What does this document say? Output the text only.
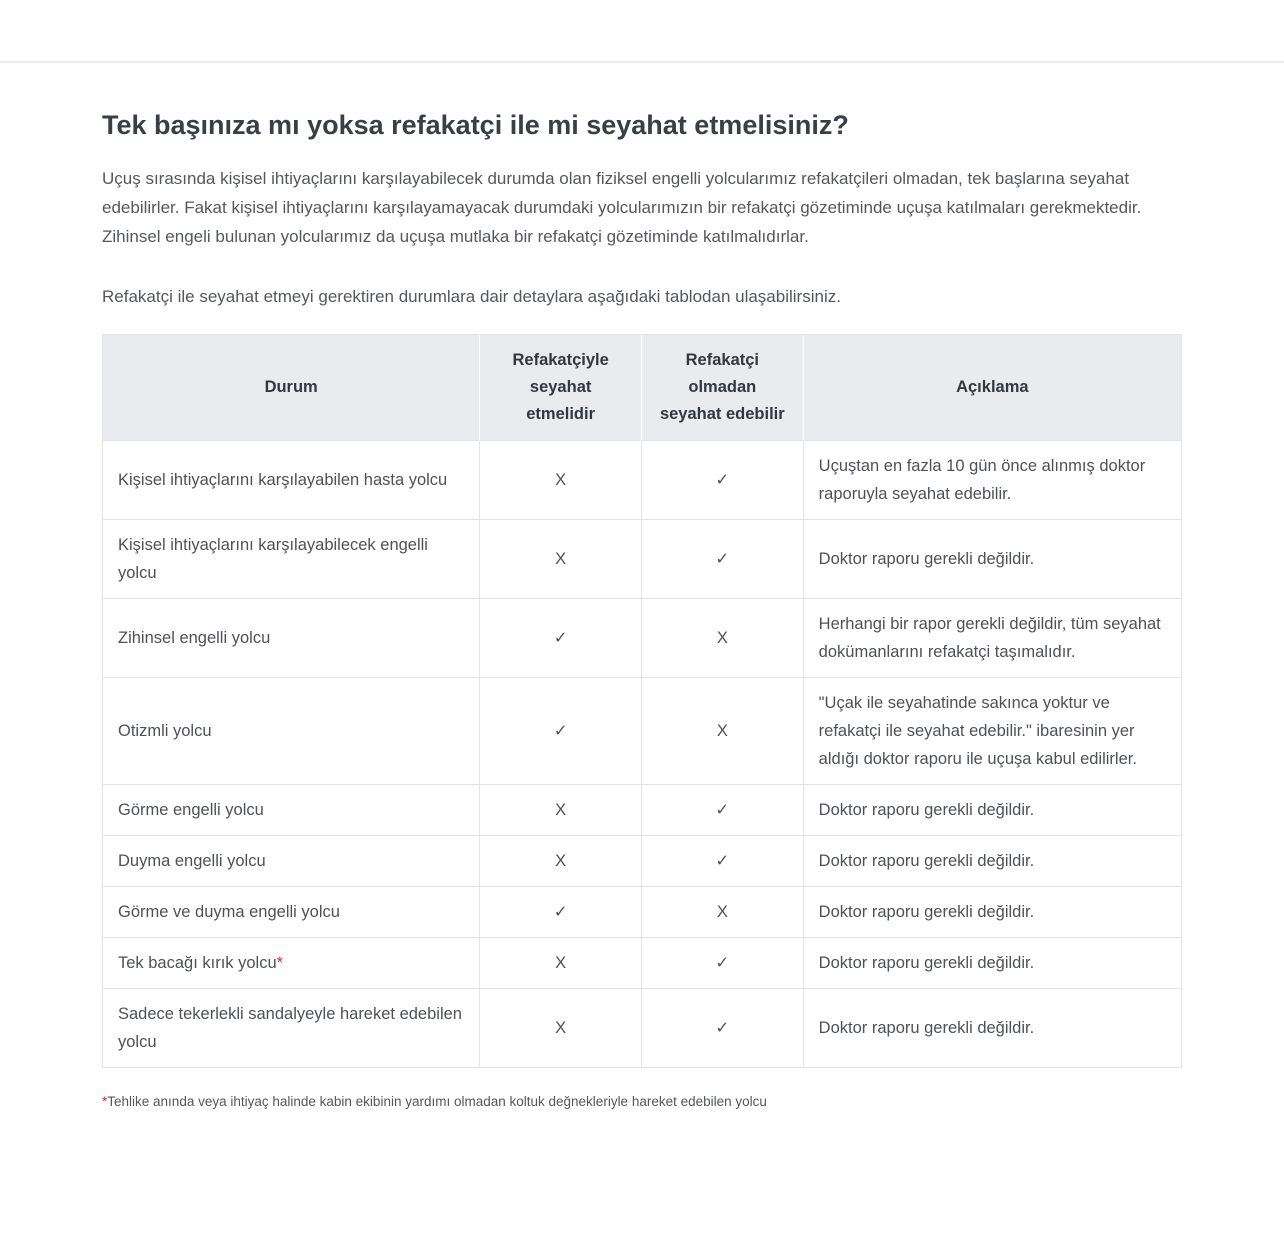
Tek başınıza mı yoksa refakatçi ile mi seyahat etmelisiniz?

Uçuş sırasında kişisel ihtiyaçlarını karşılayabilecek durumda olan fiziksel engelli yolcularımız refakatçileri olmadan, tek başlarına seyahat edebilirler. Fakat kişisel ihtiyaçlarını karşılayamayacak durumdaki yolcularımızın bir refakatçi gözetiminde uçuşa katılmaları gerekmektedir. Zihinsel engeli bulunan yolcularımız da uçuşa mutlaka bir refakatçi gözetiminde katılmalıdırlar.

Refakatçi ile seyahat etmeyi gerektiren durumlara dair detaylara aşağıdaki tablodan ulaşabilirsiniz.

Durum	Refakatçiyle seyahat etmelidir	Refakatçi olmadan seyahat edebilir	Açıklama
Kişisel ihtiyaçlarını karşılayabilen hasta yolcu	X	✓	Uçuştan en fazla 10 gün önce alınmış doktor raporuyla seyahat edebilir.
Kişisel ihtiyaçlarını karşılayabilecek engelli yolcu	X	✓	Doktor raporu gerekli değildir.
Zihinsel engelli yolcu	✓	X	Herhangi bir rapor gerekli değildir, tüm seyahat dokümanlarını refakatçi taşımalıdır.
Otizmli yolcu	✓	X	"Uçak ile seyahatinde sakınca yoktur ve refakatçi ile seyahat edebilir." ibaresinin yer aldığı doktor raporu ile uçuşa kabul edilirler.
Görme engelli yolcu	X	✓	Doktor raporu gerekli değildir.
Duyma engelli yolcu	X	✓	Doktor raporu gerekli değildir.
Görme ve duyma engelli yolcu	✓	X	Doktor raporu gerekli değildir.
Tek bacağı kırık yolcu*	X	✓	Doktor raporu gerekli değildir.
Sadece tekerlekli sandalyeyle hareket edebilen yolcu	X	✓	Doktor raporu gerekli değildir.

*Tehlike anında veya ihtiyaç halinde kabin ekibinin yardımı olmadan koltuk değnekleriyle hareket edebilen yolcu
